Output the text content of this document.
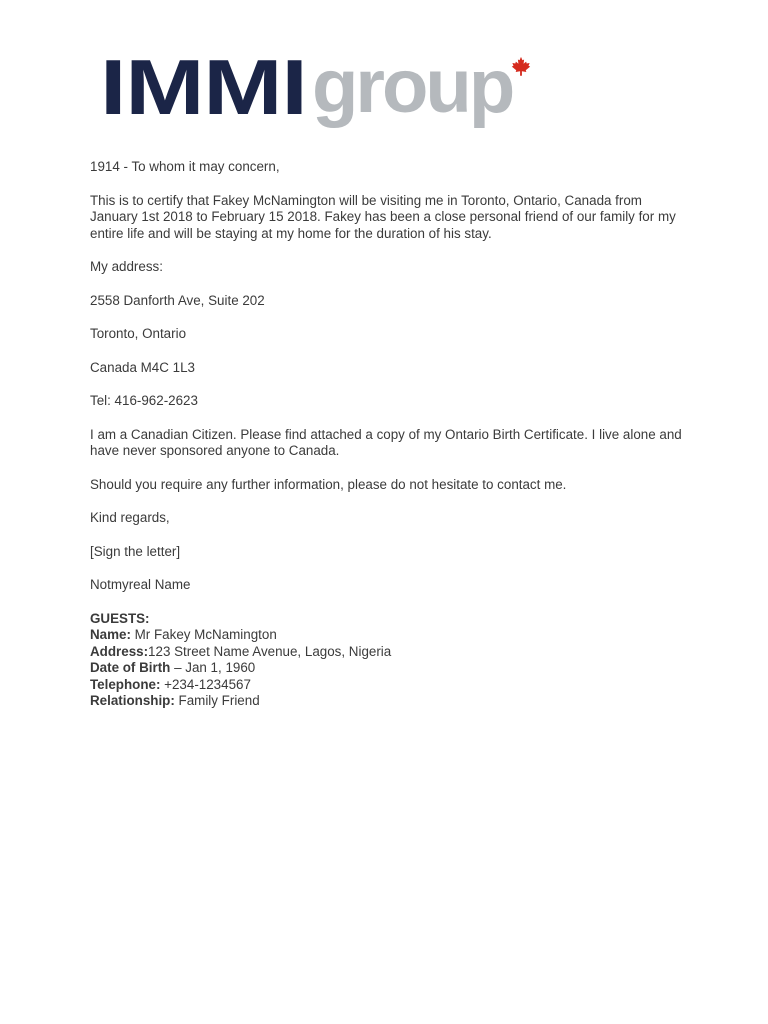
IMMI group

1914 - To whom it may concern,

This is to certify that Fakey McNamington will be visiting me in Toronto, Ontario, Canada from January 1st 2018 to February 15 2018. Fakey has been a close personal friend of our family for my entire life and will be staying at my home for the duration of his stay.

My address:

2558 Danforth Ave, Suite 202

Toronto, Ontario

Canada M4C 1L3

Tel: 416-962-2623

I am a Canadian Citizen. Please find attached a copy of my Ontario Birth Certificate. I live alone and have never sponsored anyone to Canada.

Should you require any further information, please do not hesitate to contact me.

Kind regards,

[Sign the letter]

Notmyreal Name

GUESTS:
Name: Mr Fakey McNamington
Address:123 Street Name Avenue, Lagos, Nigeria
Date of Birth – Jan 1, 1960
Telephone: +234-1234567
Relationship: Family Friend
